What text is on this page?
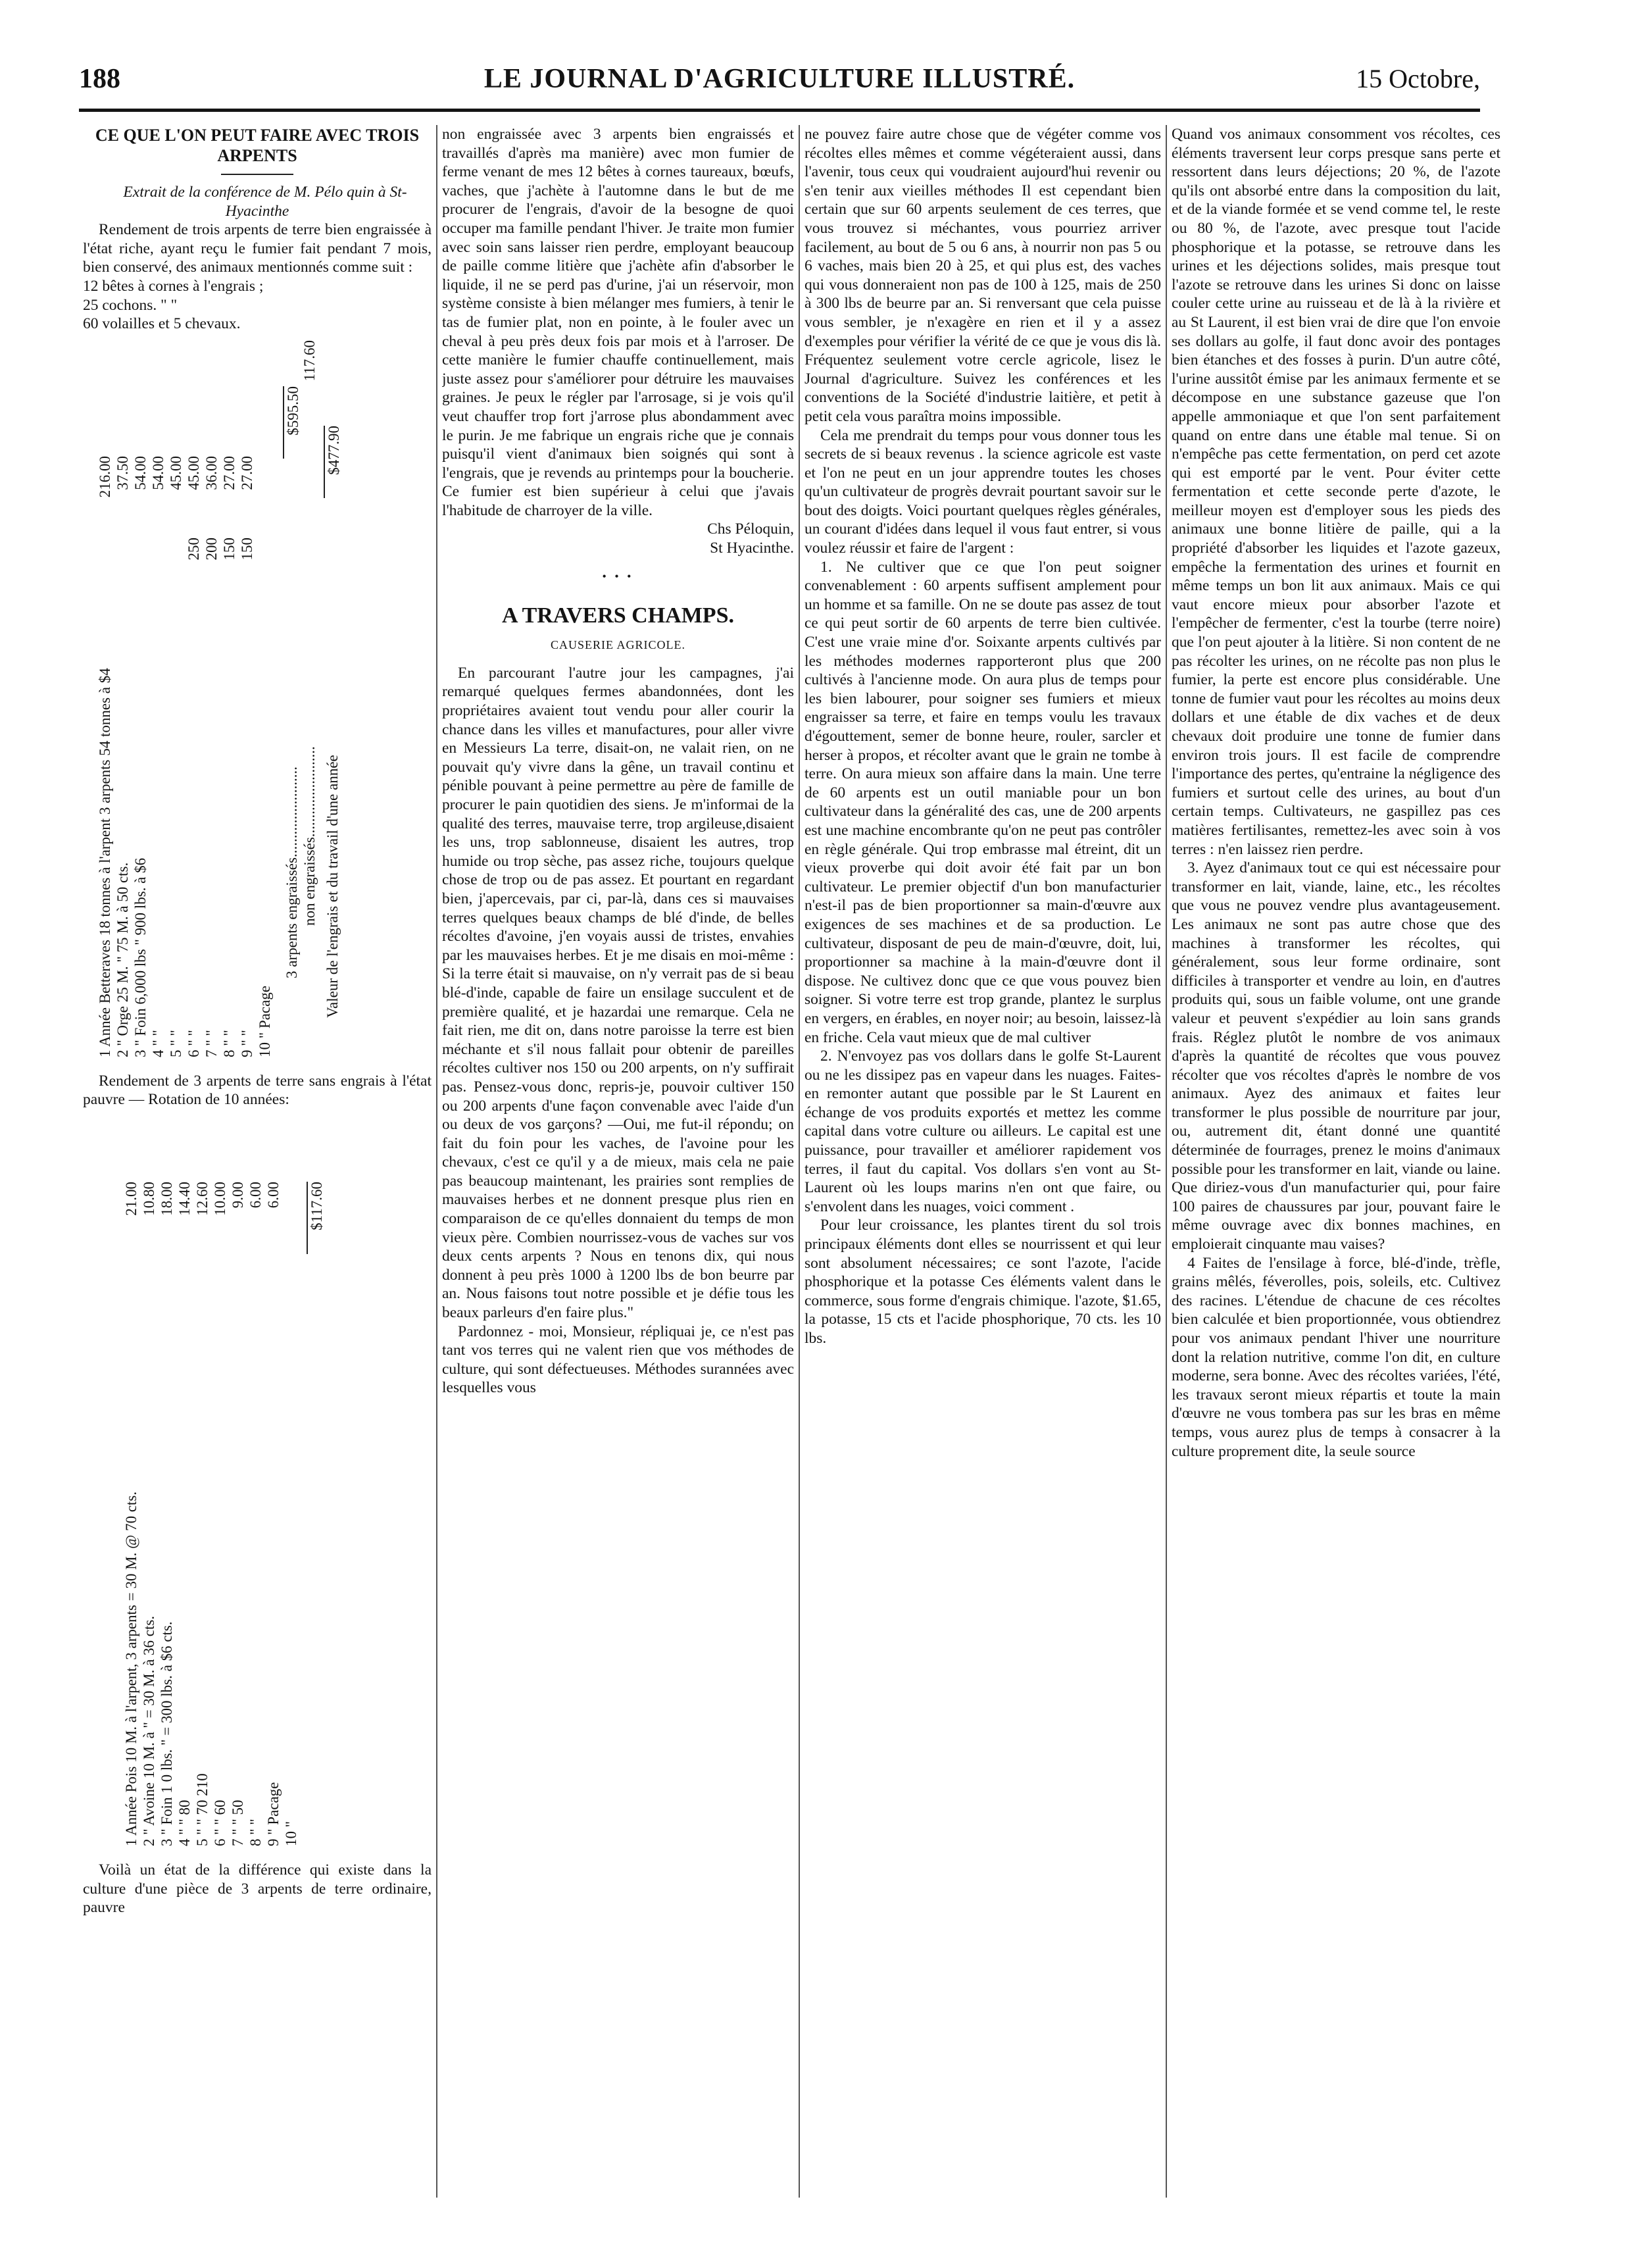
188	LE JOURNAL D'AGRICULTURE ILLUSTRÉ.	15 Octobre,
CE QUE L'ON PEUT FAIRE AVEC TROIS ARPENTS

Extrait de la conférence de M. Pélo quin à St-Hyacinthe

Rendement de trois arpents de terre bien engraissée à l'état riche, ayant reçu le fumier fait pendant 7 mois, bien conservé, des animaux mentionnés comme suit :

12 bêtes à cornes à l'engrais ;
25 cochons. " "
60 volailles et 5 chevaux.
1 Année Betteraves 18 tonnes à l'arpent 3 arpents 54 tonnes à $4
216.00
2 " Orge 25 M. " 75 M. à 50 cts.
37.50
3 " Foin 6,000 lbs " 900 lbs. à $6
54.00
4 " "
54.00
5 " "
45.00
6 " "
250
45.00
7 " "
200
36.00
8 " "
150
27.00
9 " "
150
27.00
10 " Pacage
3 arpents engraissés........................
$595.50
non engraissés........................
117.60
Valeur de l'engrais et du travail d'une année
$477.90

Rendement de 3 arpents de terre sans engrais à l'état pauvre — Rotation de 10 années:

1 Année Pois 10 M. à l'arpent, 3 arpents = 30 M. @ 70 cts.
21.00
2 " Avoine 10 M. à " = 30 M. à 36 cts.
10.80
3 " Foin 1 0 lbs. " = 300 lbs. à $6 cts.
18.00
4 " " 80
14.40
5 " " 70 210
12.60
6 " " 60
10.00
7 " " 50
9.00
8 " "
6.00
9 " Pacage
6.00
10 "
$117.60

Voilà un état de la différence qui existe dans la culture d'une pièce de 3 arpents de terre ordinaire, pauvre

non engraissée avec 3 arpents bien engraissés et travaillés d'après ma manière) avec mon fumier de ferme venant de mes 12 bêtes à cornes taureaux, bœufs, vaches, que j'achète à l'automne dans le but de me procurer de l'engrais, d'avoir de la besogne de quoi occuper ma famille pendant l'hiver. Je traite mon fumier avec soin sans laisser rien perdre, employant beaucoup de paille comme litière que j'achète afin d'absorber le liquide, il ne se perd pas d'urine, j'ai un réservoir, mon système consiste à bien mélanger mes fumiers, à tenir le tas de fumier plat, non en pointe, à le fouler avec un cheval à peu près deux fois par mois et à l'arroser. De cette manière le fumier chauffe continuellement, mais juste assez pour s'améliorer pour détruire les mauvaises graines. Je peux le régler par l'arrosage, si je vois qu'il veut chauffer trop fort j'arrose plus abondamment avec le purin. Je me fabrique un engrais riche que je connais puisqu'il vient d'animaux bien soignés qui sont à l'engrais, que je revends au printemps pour la boucherie. Ce fumier est bien supérieur à celui que j'avais l'habitude de charroyer de la ville.

Chs Péloquin,

St Hyacinthe.

• • •
A TRAVERS CHAMPS.
CAUSERIE AGRICOLE.

En parcourant l'autre jour les campagnes, j'ai remarqué quelques fermes abandonnées, dont les propriétaires avaient tout vendu pour aller courir la chance dans les villes et manufactures, pour aller vivre en Messieurs La terre, disait-on, ne valait rien, on ne pouvait qu'y vivre dans la gêne, un travail continu et pénible pouvant à peine permettre au père de famille de procurer le pain quotidien des siens. Je m'informai de la qualité des terres, mauvaise terre, trop argileuse,disaient les uns, trop sablonneuse, disaient les autres, trop humide ou trop sèche, pas assez riche, toujours quelque chose de trop ou de pas assez. Et pourtant en regardant bien, j'apercevais, par ci, par-là, dans ces si mauvaises terres quelques beaux champs de blé d'inde, de belles récoltes d'avoine, j'en voyais aussi de tristes, envahies par les mauvaises herbes. Et je me disais en moi-même : Si la terre était si mauvaise, on n'y verrait pas de si beau blé-d'inde, capable de faire un ensilage succulent et de première qualité, et je hazardai une remarque. Cela ne fait rien, me dit on, dans notre paroisse la terre est bien méchante et s'il nous fallait pour obtenir de pareilles récoltes cultiver nos 150 ou 200 arpents, on n'y suffirait pas. Pensez-vous donc, repris-je, pouvoir cultiver 150 ou 200 arpents d'une façon convenable avec l'aide d'un ou deux de vos garçons? —Oui, me fut-il répondu; on fait du foin pour les vaches, de l'avoine pour les chevaux, c'est ce qu'il y a de mieux, mais cela ne paie pas beaucoup maintenant, les prairies sont remplies de mauvaises herbes et ne donnent presque plus rien en comparaison de ce qu'elles donnaient du temps de mon vieux père. Combien nourrissez-vous de vaches sur vos deux cents arpents ? Nous en tenons dix, qui nous donnent à peu près 1000 à 1200 lbs de bon beurre par an. Nous faisons tout notre possible et je défie tous les beaux parleurs d'en faire plus."

Pardonnez - moi, Monsieur, répliquai je, ce n'est pas tant vos terres qui ne valent rien que vos méthodes de culture, qui sont défectueuses. Méthodes surannées avec lesquelles vous

ne pouvez faire autre chose que de végéter comme vos récoltes elles mêmes et comme végéteraient aussi, dans l'avenir, tous ceux qui voudraient aujourd'hui revenir ou s'en tenir aux vieilles méthodes Il est cependant bien certain que sur 60 arpents seulement de ces terres, que vous trouvez si méchantes, vous pourriez arriver facilement, au bout de 5 ou 6 ans, à nourrir non pas 5 ou 6 vaches, mais bien 20 à 25, et qui plus est, des vaches qui vous donneraient non pas de 100 à 125, mais de 250 à 300 lbs de beurre par an. Si renversant que cela puisse vous sembler, je n'exagère en rien et il y a assez d'exemples pour vérifier la vérité de ce que je vous dis là. Fréquentez seulement votre cercle agricole, lisez le Journal d'agriculture. Suivez les conférences et les conventions de la Société d'industrie laitière, et petit à petit cela vous paraîtra moins impossible.

Cela me prendrait du temps pour vous donner tous les secrets de si beaux revenus . la science agricole est vaste et l'on ne peut en un jour apprendre toutes les choses qu'un cultivateur de progrès devrait pourtant savoir sur le bout des doigts. Voici pourtant quelques règles générales, un courant d'idées dans lequel il vous faut entrer, si vous voulez réussir et faire de l'argent :

1. Ne cultiver que ce que l'on peut soigner convenablement : 60 arpents suffisent amplement pour un homme et sa famille. On ne se doute pas assez de tout ce qui peut sortir de 60 arpents de terre bien cultivée. C'est une vraie mine d'or. Soixante arpents cultivés par les méthodes modernes rapporteront plus que 200 cultivés à l'ancienne mode. On aura plus de temps pour les bien labourer, pour soigner ses fumiers et mieux engraisser sa terre, et faire en temps voulu les travaux d'égouttement, semer de bonne heure, rouler, sarcler et herser à propos, et récolter avant que le grain ne tombe à terre. On aura mieux son affaire dans la main. Une terre de 60 arpents est un outil maniable pour un bon cultivateur dans la généralité des cas, une de 200 arpents est une machine encombrante qu'on ne peut pas contrôler en règle générale. Qui trop embrasse mal étreint, dit un vieux proverbe qui doit avoir été fait par un bon cultivateur. Le premier objectif d'un bon manufacturier n'est-il pas de bien proportionner sa main-d'œuvre aux exigences de ses machines et de sa production. Le cultivateur, disposant de peu de main-d'œuvre, doit, lui, proportionner sa machine à la main-d'œuvre dont il dispose. Ne cultivez donc que ce que vous pouvez bien soigner. Si votre terre est trop grande, plantez le surplus en vergers, en érables, en noyer noir; au besoin, laissez-là en friche. Cela vaut mieux que de mal cultiver

2. N'envoyez pas vos dollars dans le golfe St-Laurent ou ne les dissipez pas en vapeur dans les nuages. Faites-en remonter autant que possible par le St Laurent en échange de vos produits exportés et mettez les comme capital dans votre culture ou ailleurs. Le capital est une puissance, pour travailler et améliorer rapidement vos terres, il faut du capital. Vos dollars s'en vont au St-Laurent où les loups marins n'en ont que faire, ou s'envolent dans les nuages, voici comment .

Pour leur croissance, les plantes tirent du sol trois principaux éléments dont elles se nourrissent et qui leur sont absolument nécessaires; ce sont l'azote, l'acide phosphorique et la potasse Ces éléments valent dans le commerce, sous forme d'engrais chimique. l'azote, $1.65, la potasse, 15 cts et l'acide phosphorique, 70 cts. les 10 lbs.

Quand vos animaux consomment vos récoltes, ces éléments traversent leur corps presque sans perte et ressortent dans leurs déjections; 20 %, de l'azote qu'ils ont absorbé entre dans la composition du lait, et de la viande formée et se vend comme tel, le reste ou 80 %, de l'azote, avec presque tout l'acide phosphorique et la potasse, se retrouve dans les urines et les déjections solides, mais presque tout l'azote se retrouve dans les urines Si donc on laisse couler cette urine au ruisseau et de là à la rivière et au St Laurent, il est bien vrai de dire que l'on envoie ses dollars au golfe, il faut donc avoir des pontages bien étanches et des fosses à purin. D'un autre côté, l'urine aussitôt émise par les animaux fermente et se décompose en une substance gazeuse que l'on appelle ammoniaque et que l'on sent parfaitement quand on entre dans une étable mal tenue. Si on n'empêche pas cette fermentation, on perd cet azote qui est emporté par le vent. Pour éviter cette fermentation et cette seconde perte d'azote, le meilleur moyen est d'employer sous les pieds des animaux une bonne litière de paille, qui a la propriété d'absorber les liquides et l'azote gazeux, empêche la fermentation des urines et fournit en même temps un bon lit aux animaux. Mais ce qui vaut encore mieux pour absorber l'azote et l'empêcher de fermenter, c'est la tourbe (terre noire) que l'on peut ajouter à la litière. Si non content de ne pas récolter les urines, on ne récolte pas non plus le fumier, la perte est encore plus considérable. Une tonne de fumier vaut pour les récoltes au moins deux dollars et une étable de dix vaches et de deux chevaux doit produire une tonne de fumier dans environ trois jours. Il est facile de comprendre l'importance des pertes, qu'entraine la négligence des fumiers et surtout celle des urines, au bout d'un certain temps. Cultivateurs, ne gaspillez pas ces matières fertilisantes, remettez-les avec soin à vos terres : n'en laissez rien perdre.

3. Ayez d'animaux tout ce qui est nécessaire pour transformer en lait, viande, laine, etc., les récoltes que vous ne pouvez vendre plus avantageusement. Les animaux ne sont pas autre chose que des machines à transformer les récoltes, qui généralement, sous leur forme ordinaire, sont difficiles à transporter et vendre au loin, en d'autres produits qui, sous un faible volume, ont une grande valeur et peuvent s'expédier au loin sans grands frais. Réglez plutôt le nombre de vos animaux d'après la quantité de récoltes que vous pouvez récolter que vos récoltes d'après le nombre de vos animaux. Ayez des animaux et faites leur transformer le plus possible de nourriture par jour, ou, autrement dit, étant donné une quantité déterminée de fourrages, prenez le moins d'animaux possible pour les transformer en lait, viande ou laine. Que diriez-vous d'un manufacturier qui, pour faire 100 paires de chaussures par jour, pouvant faire le même ouvrage avec dix bonnes machines, en emploierait cinquante mau vaises?

4 Faites de l'ensilage à force, blé-d'inde, trèfle, grains mêlés, féverolles, pois, soleils, etc. Cultivez des racines. L'étendue de chacune de ces récoltes bien calculée et bien proportionnée, vous obtiendrez pour vos animaux pendant l'hiver une nourriture dont la relation nutritive, comme l'on dit, en culture moderne, sera bonne. Avec des récoltes variées, l'été, les travaux seront mieux répartis et toute la main d'œuvre ne vous tombera pas sur les bras en même temps, vous aurez plus de temps à consacrer à la culture proprement dite, la seule source
